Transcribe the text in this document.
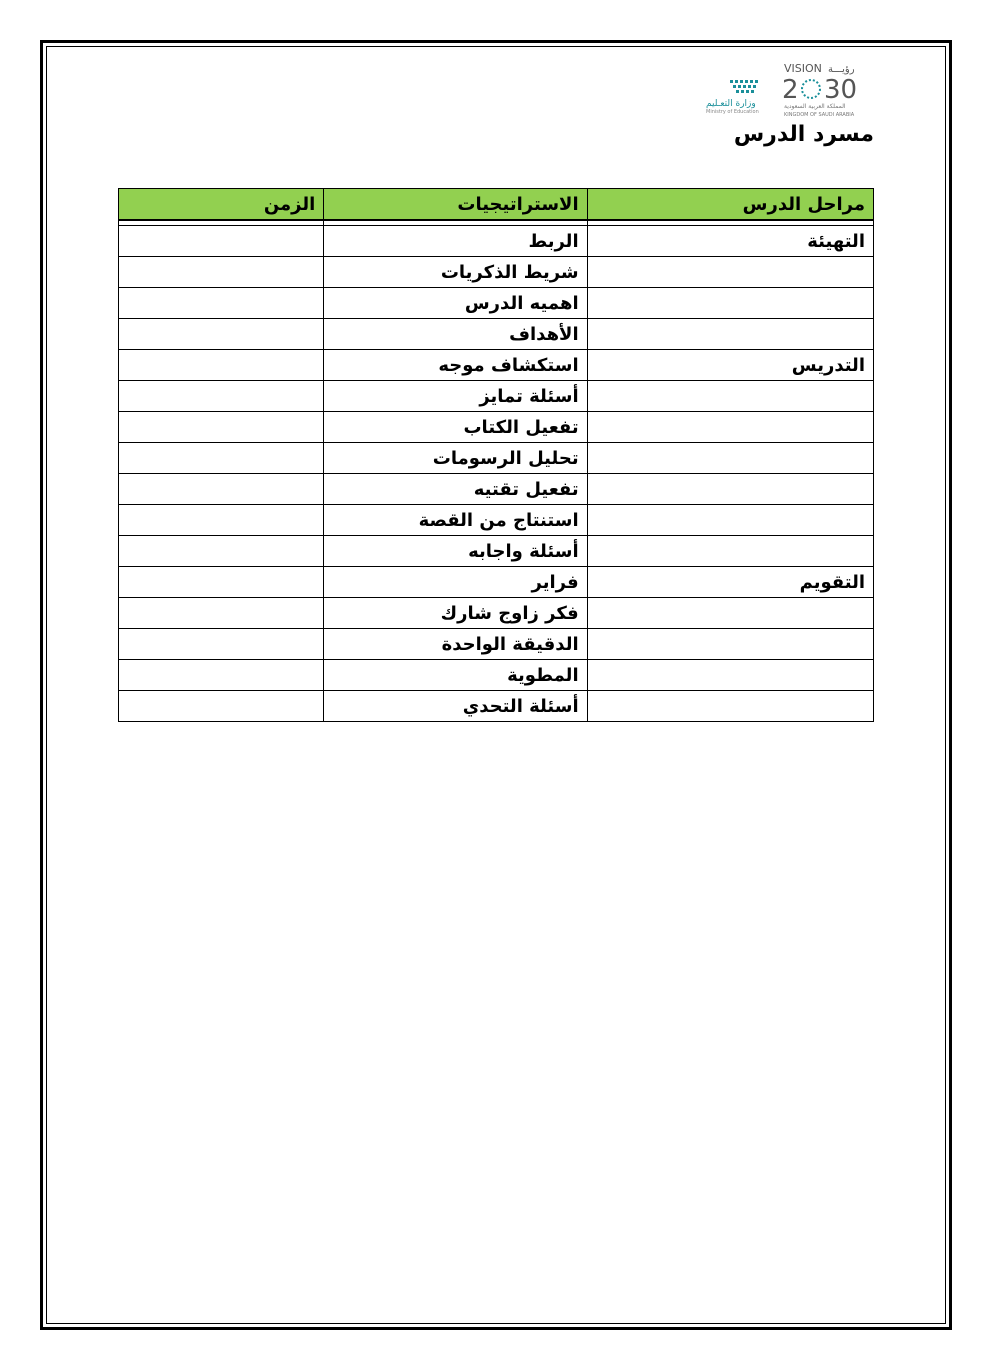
VISION رؤيـــة
2 30
المملكة العربية السعودية
KINGDOM OF SAUDI ARABIA
وزارة التعـليم
Ministry of Education
مسرد الدرس
مراحل الدرس	الاستراتيجيات	الزمن

التهيئة	الربط	
	شريط الذكريات	
	اهميه الدرس	
	الأهداف	
التدريس	استكشاف موجه	
	أسئلة تمايز	
	تفعيل الكتاب	
	تحليل الرسومات	
	تفعيل تقتيه	
	استنتاج من القصة	
	أسئلة واجابه	
التقويم	فراير	
	فكر زاوج شارك	
	الدقيقة الواحدة	
	المطوية	
	أسئلة التحدي	
